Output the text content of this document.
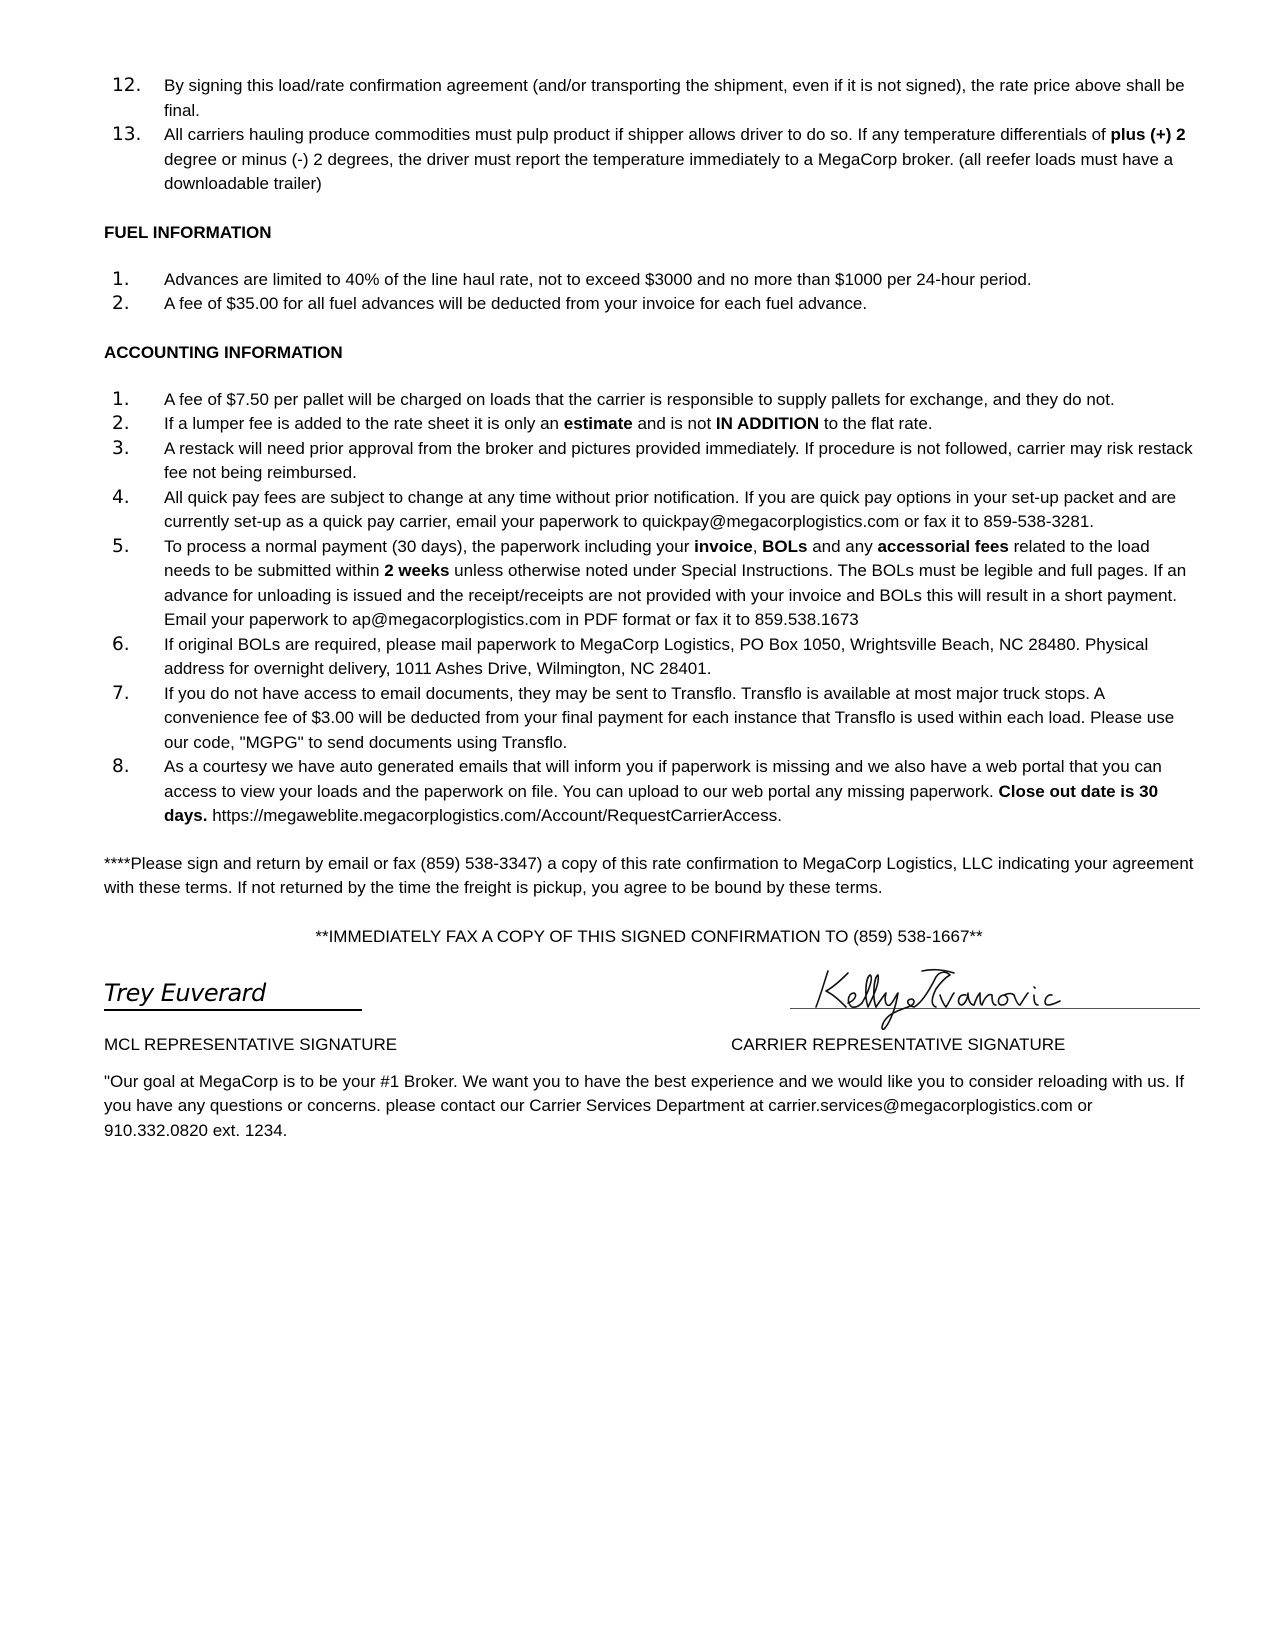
12.	By signing this load/rate confirmation agreement (and/or transporting the shipment, even if it is not signed), the rate price above shall be final.
13.	All carriers hauling produce commodities must pulp product if shipper allows driver to do so. If any temperature differentials of plus (+) 2 degree or minus (-) 2 degrees, the driver must report the temperature immediately to a MegaCorp broker. (all reefer loads must have a downloadable trailer)
FUEL INFORMATION
1.	Advances are limited to 40% of the line haul rate, not to exceed $3000 and no more than $1000 per 24-hour period.
2.	A fee of $35.00 for all fuel advances will be deducted from your invoice for each fuel advance.
ACCOUNTING INFORMATION
1.	A fee of $7.50 per pallet will be charged on loads that the carrier is responsible to supply pallets for exchange, and they do not.
2.	If a lumper fee is added to the rate sheet it is only an estimate and is not IN ADDITION to the flat rate.
3.	A restack will need prior approval from the broker and pictures provided immediately. If procedure is not followed, carrier may risk restack fee not being reimbursed.
4.	All quick pay fees are subject to change at any time without prior notification. If you are quick pay options in your set-up packet and are currently set-up as a quick pay carrier, email your paperwork to quickpay@megacorplogistics.com or fax it to 859-538-3281.
5.	To process a normal payment (30 days), the paperwork including your invoice, BOLs and any accessorial fees related to the load needs to be submitted within 2 weeks unless otherwise noted under Special Instructions. The BOLs must be legible and full pages. If an advance for unloading is issued and the receipt/receipts are not provided with your invoice and BOLs this will result in a short payment. Email your paperwork to ap@megacorplogistics.com in PDF format or fax it to 859.538.1673
6.	If original BOLs are required, please mail paperwork to MegaCorp Logistics, PO Box 1050, Wrightsville Beach, NC 28480. Physical address for overnight delivery, 1011 Ashes Drive, Wilmington, NC 28401.
7.	If you do not have access to email documents, they may be sent to Transflo. Transflo is available at most major truck stops. A convenience fee of $3.00 will be deducted from your final payment for each instance that Transflo is used within each load. Please use our code, "MGPG" to send documents using Transflo.
8.	As a courtesy we have auto generated emails that will inform you if paperwork is missing and we also have a web portal that you can access to view your loads and the paperwork on file. You can upload to our web portal any missing paperwork. Close out date is 30 days. https://megaweblite.megacorplogistics.com/Account/RequestCarrierAccess.
****Please sign and return by email or fax (859) 538-3347) a copy of this rate confirmation to MegaCorp Logistics, LLC indicating your agreement with these terms. If not returned by the time the freight is pickup, you agree to be bound by these terms.
**IMMEDIATELY FAX A COPY OF THIS SIGNED CONFIRMATION TO (859) 538-1667**
Trey Euverard
MCL REPRESENTATIVE SIGNATURE	CARRIER REPRESENTATIVE SIGNATURE
"Our goal at MegaCorp is to be your #1 Broker. We want you to have the best experience and we would like you to consider reloading with us. If you have any questions or concerns. please contact our Carrier Services Department at carrier.services@megacorplogistics.com or 910.332.0820 ext. 1234.
